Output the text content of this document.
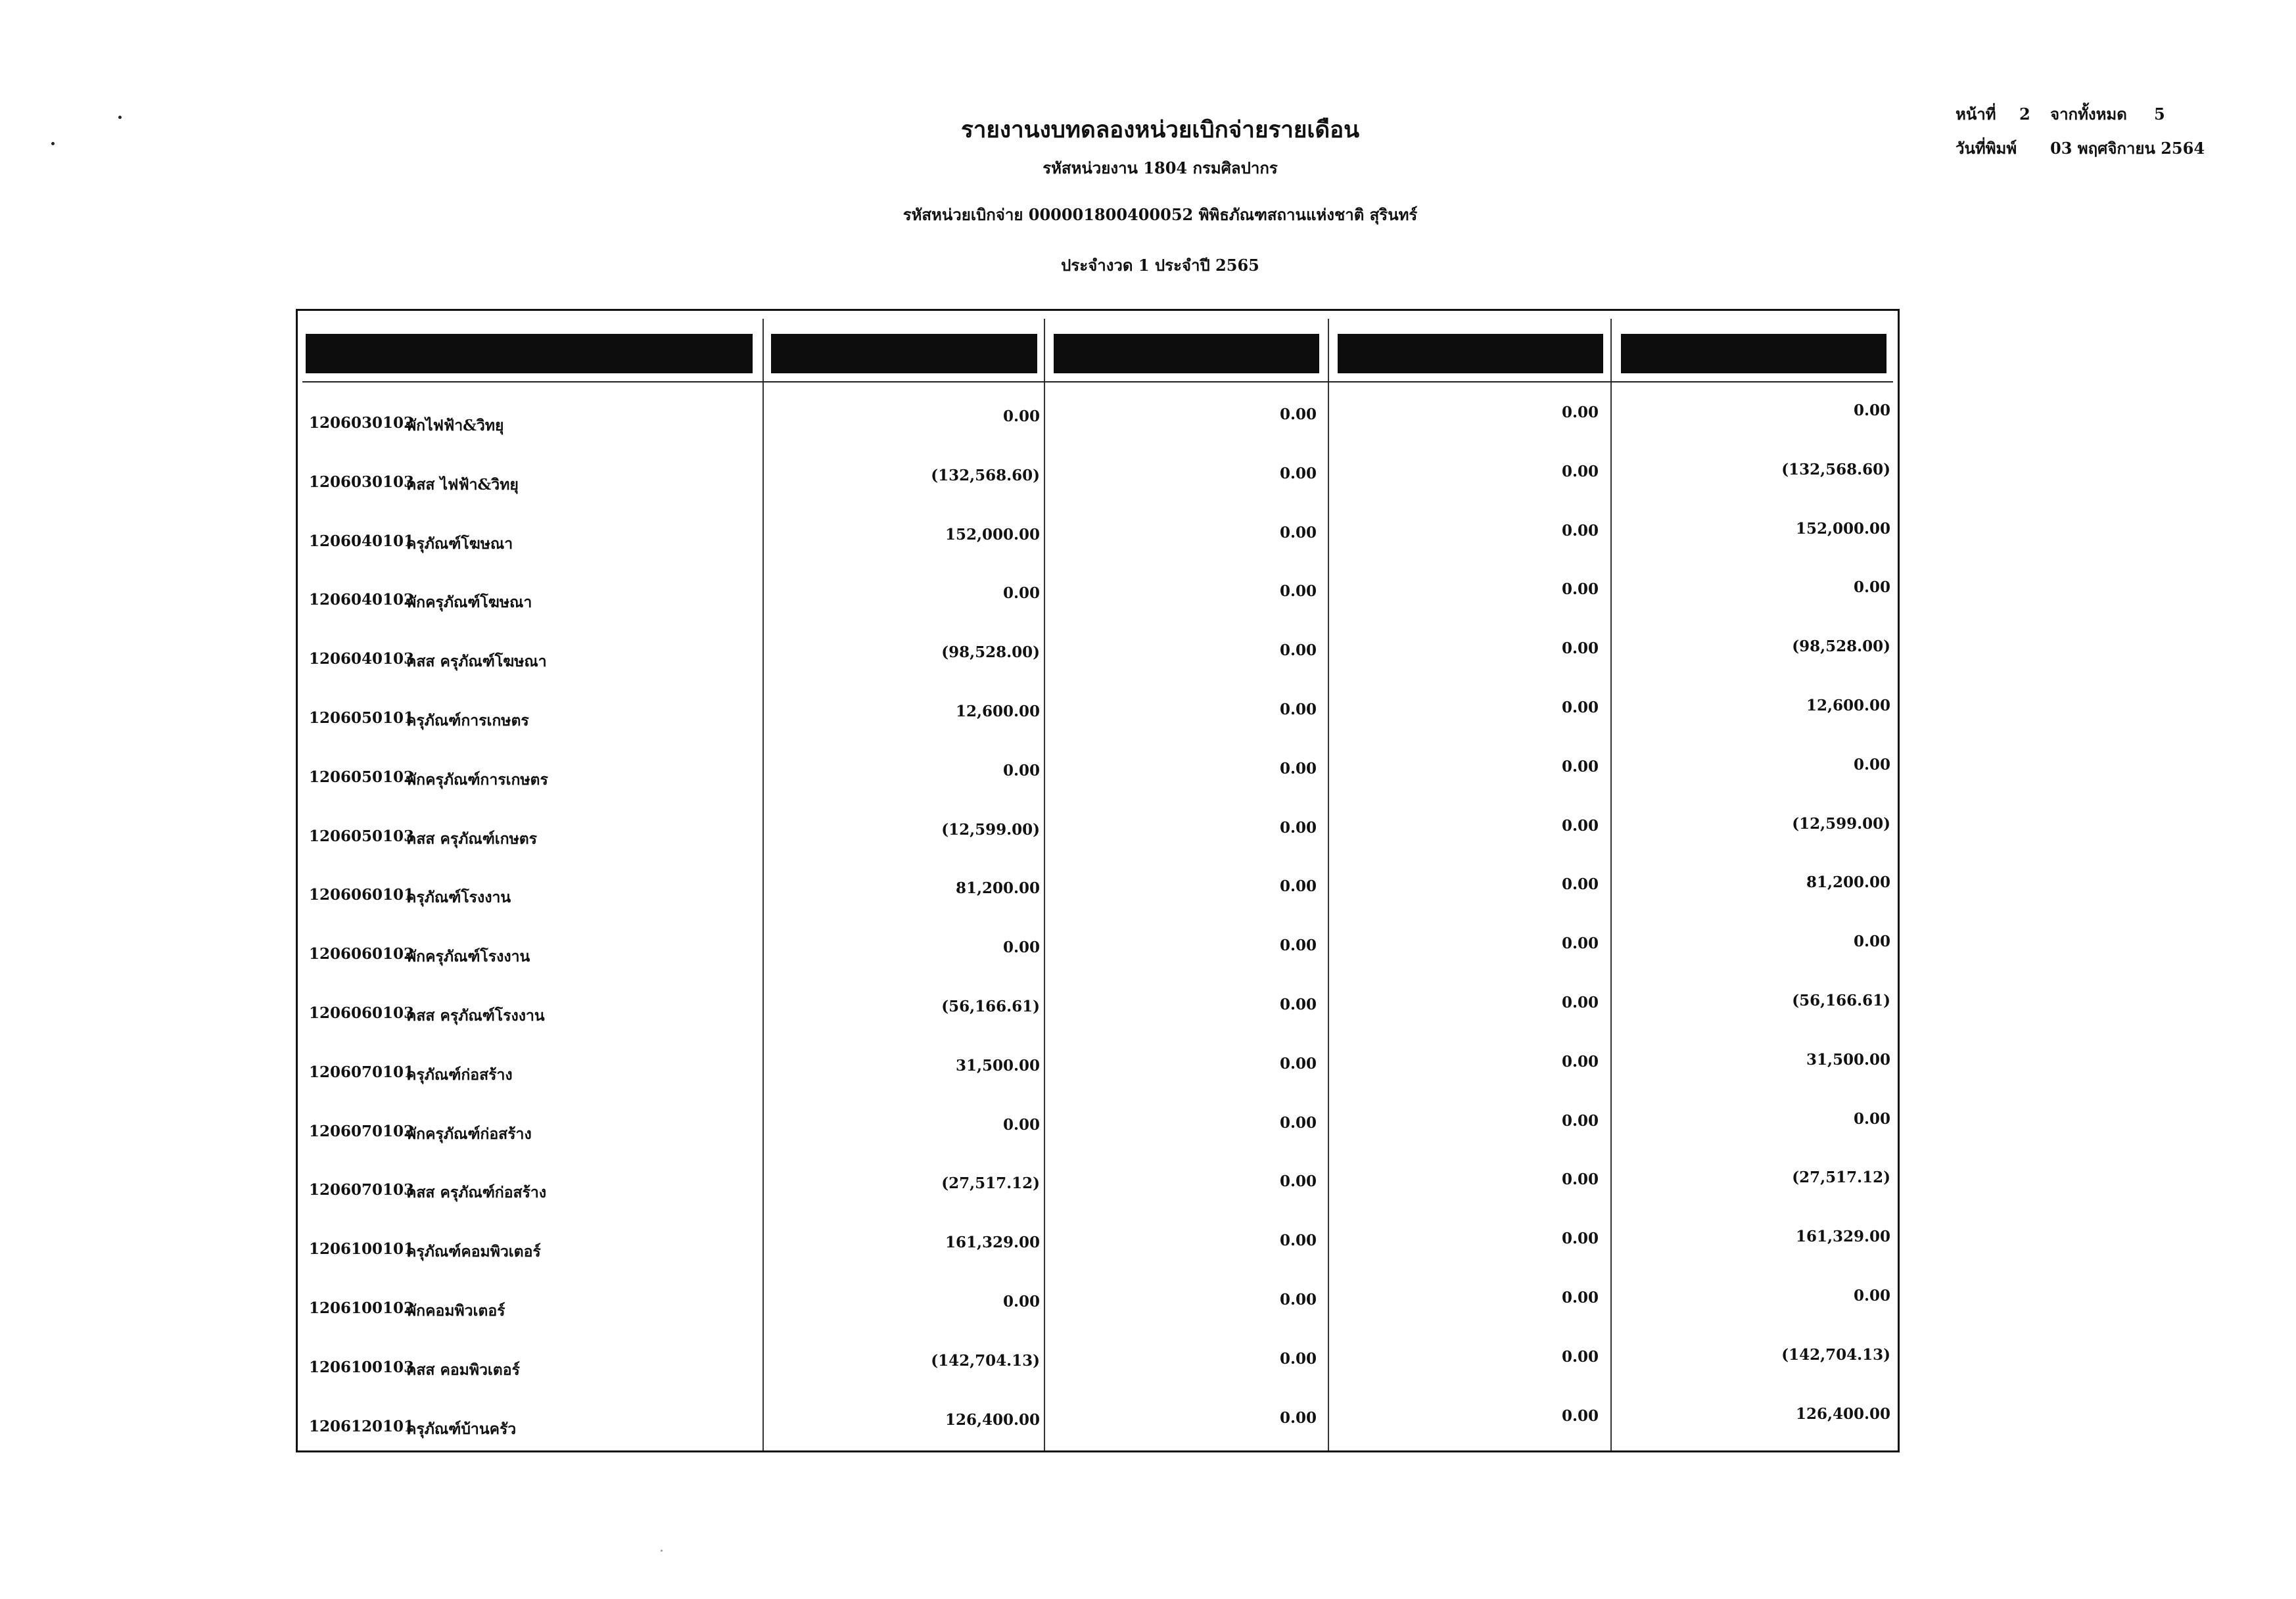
หน้าที่ 2 จากทั้งหมด 5
วันที่พิมพ์ 03 พฤศจิกายน 2564
รายงานงบทดลองหน่วยเบิกจ่ายรายเดือน
รหัสหน่วยงาน 1804 กรมศิลปากร
รหัสหน่วยเบิกจ่าย 000001800400052 พิพิธภัณฑสถานแห่งชาติ สุรินทร์
ประจำงวด 1 ประจำปี 2565
1206030102
พักไฟฟ้า&วิทยุ
0.00	0.00	0.00	0.00
1206030103
คสส ไฟฟ้า&วิทยุ
(132,568.60)	0.00	0.00	(132,568.60)
1206040101
ครุภัณฑ์โฆษณา
152,000.00	0.00	0.00	152,000.00
1206040102
พักครุภัณฑ์โฆษณา
0.00	0.00	0.00	0.00
1206040103
คสส ครุภัณฑ์โฆษณา
(98,528.00)	0.00	0.00	(98,528.00)
1206050101
ครุภัณฑ์การเกษตร
12,600.00	0.00	0.00	12,600.00
1206050102
พักครุภัณฑ์การเกษตร
0.00	0.00	0.00	0.00
1206050103
คสส ครุภัณฑ์เกษตร
(12,599.00)	0.00	0.00	(12,599.00)
1206060101
ครุภัณฑ์โรงงาน
81,200.00	0.00	0.00	81,200.00
1206060102
พักครุภัณฑ์โรงงาน
0.00	0.00	0.00	0.00
1206060103
คสส ครุภัณฑ์โรงงาน
(56,166.61)	0.00	0.00	(56,166.61)
1206070101
ครุภัณฑ์ก่อสร้าง
31,500.00	0.00	0.00	31,500.00
1206070102
พักครุภัณฑ์ก่อสร้าง
0.00	0.00	0.00	0.00
1206070103
คสส ครุภัณฑ์ก่อสร้าง
(27,517.12)	0.00	0.00	(27,517.12)
1206100101
ครุภัณฑ์คอมพิวเตอร์
161,329.00	0.00	0.00	161,329.00
1206100102
พักคอมพิวเตอร์
0.00	0.00	0.00	0.00
1206100103
คสส คอมพิวเตอร์
(142,704.13)	0.00	0.00	(142,704.13)
1206120101
ครุภัณฑ์บ้านครัว
126,400.00	0.00	0.00	126,400.00
